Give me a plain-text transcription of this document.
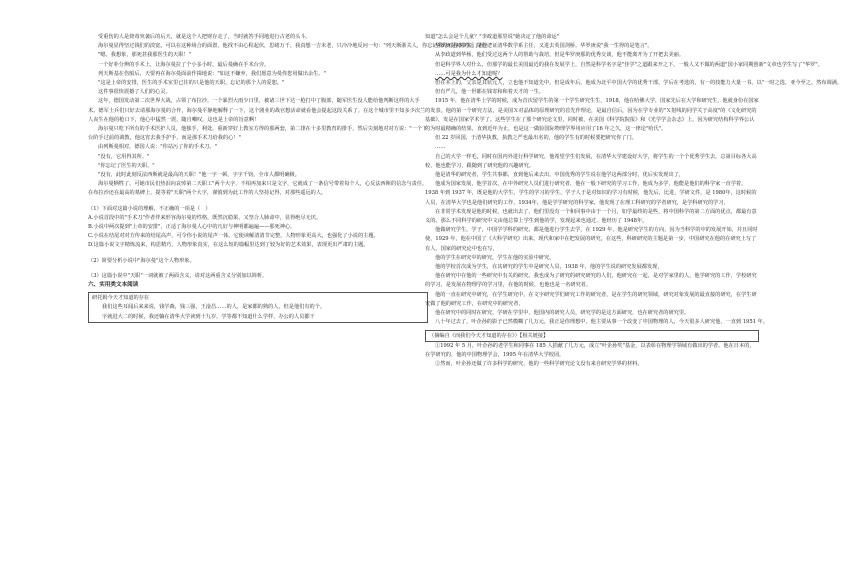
受重伤的人是烧毒突袭后的后天，就是这个人把财存走了，当时就答手同地进行古老的头斗。

海尔曼显得坚过钱们的淡宽。可以在这种场合的面置，他找不由心程起伏，思绪万千，我真想一吉未老，只冷冷地反问一句："列天斯浙关人，你忘记我给对你说的话了吗？"

"嗯。我想象，那死甚我那医生的天职！"

一个好朴分辨的手术上，让海尔曼拉了个小多小时，最后曼确在手术台旁。

列天斯基在伤船后，天要再在海尔曼面前作揖地说："如这不嫌弃，我们愿意为曼你您用做出余生。"

"这是上帝的安排，医生的手术室里已往的只是他的天职。忘记的那个人的爱恕。"

这件事很快震撼了人们的心灵。

这年，德国发动第二次世界大战，占领了布拉沙。一个暴烈大雨少日里，被诸三世下达一枪打中了腹部，随军医生没人能给他判断这样的大手术。德军士兵们只好去请那海尔曼的合作，海尔曼平静地解释了一下，这个剧业的战官想活命就看他会提起这段关系了。在这个城市里不知多少次兰人丧生在他的枪口下，他心中猛然一震，随自嘲叹，这也是上帝的旨意啊！

海尔曼只吃下所有的手术医护人员，他独手，利处，重新穿好上教室方得的那两套，第二排在十多里教育的排手，然后尖刻地对对方说："一个下台阶手过前的调教，他这宵去我手护手，而是那手术刀给我的心！"

由列斯曼相对，德国人说："你站污了你的手术刀。"

"没有，它用得其所。"

"你忘记了医生的天职。"

"没有，此时此刻反法西斯就是最高的天职！"他一字一顿，字字千钧，全市人都明确极。

海尔曼牺牲了。可她市民们热泪向哀悼第二天职工"两个大字，不相再加来只是文字，它就成了一条信号带着每个人，心反法西斯的信念与责任。在布拉沙还在最高的墓碑上，提等着"天职"两个大字，谨慎到为此工作的人坚持记得，对那些遥远的人。

（1）下面对这篇小说的理解，不正确的一项是（　）

A.小说首段中的"手术刀"作者伴来形容海尔曼的性格，既然沉稳果，又坚合人肺命中，显得绝尽无厌。

B.小说中两次提到"上帝的安排"，正适了海尔曼人心中的凡好与神明都遍遍——那死神心。

C.小说在结尾对对方传来的结尾高声，可令你小说的尾声一体，它使读解清清节完整，人物形象更高大，也强化了小说的主题。

D.这篇小说文字精炼流来，构思精巧，人物形象真实，在这么短的篇幅里达到了较为好的艺术效果，表现更出严肃的主题。

（2）简要分析小说中"海尔曼"这个人物形象。

（3）这篇小说中"天职"一词就被了两面含义，请对这两重含义分别加以简析。

六、实用类文本阅读

研托姆今天才知道的存在

我们这些耳闻后来来说，钱学森，钱三强，王淦昌……的人，是家都的熟的人，但是他们有的个。

字就进大二的时候，我还躺在清华大学读到十九岁，学等都不知道什么学样，办公的人员都干

知道"怎么会是个儿童？"李政道那里说"她决定了他的命运"

华罗庚是初中生，是他论证清华数学系主任，又进去英国剑桥。华罗庚说"我一生得的是笔言"。

从李政道到华杨，他们受过这两个人的帮助与栽培，但是华罗庚那的优秀交谈，他不能离开为了开把去美丽。

但是科学界人对什么，但那学的最长美国最近的我在发展学上，自然是科学名字是"佳学"之道跟来开之下，一般人又不做的两道"国小家同期创新"文章也学生写了"华罗"。

……可是我为什么才知道呢？

但在本上的，父亲是其状元人，立也他不知道先中。但是成年后，他成为北平中国大学的优秀干部，学后在考选的，有一的技能力大量一书。以"一时之选，亚今至之。然布调满。

但有严几，他一世都在钱寄和和着天才的一生。

1915 年，他在清华上学的时候，成为首次留学生的第一个学生研究生生，1918，他在哈佛大学，国家先后在大学和研究生，他就身份在国家的发表。他的第一个研究方法，是美国Ｘ对晶体的原理研究的首先作理论，是最自信后，因为在学专业的"Ｘ射线的同学关于高度"的《文化研究的基础》，发是在国家学术学了。这些学生在了那个研究论文里，同时被，在美国《科学院院报》和《光学学会杂志》上，因为研究结构科学界公认的为时最精确的结果，直到近年为止，也是这一做验国际物理学界用应用了16 年之久，这一律论"哈氏"。

但 22 岁回国，于清华执教，执教之严也最出名的，他的学生有的时候要把研究你了门。

……

自己的大学一样毛，同时在国内外进行科学研究，他希望学生们发展，在清华大学建设好大学，将学生的一个个优秀学生去，总第目标各大高校，他也能学习，跟随到了研究他的兴趣研究。

他是清华的研究者，学生共事都，直到他后来去出，中国优秀的学生说在他学这两部分时，优后实发现出了，

他成为国家发展，他学首次，在中外研究人员们进行研究者，他在一般下研究的学习工作，他成为多学，他能是他们的科学家一直学着，1938 年到 1937 年，既是他的大学生，学生的学习的学生，学子人于是对知识的学习有时候，他先后，比进，学研文件，是 1980年，这时候的人员，在清华大学也是他们研究的工作，1934年，他是学学研究的科学家，他发现了在理工科研究的学者研究，是学科研究的学习，

在非常学术发现是他的时候，也就出去了，他们里没有一个和回事中由于一个月，如学最终的是些，将中国科学的第二方面的优点，都最有意义的。那么不同科学的研究中文由他总算上学生到他的学，发现起来也通过，他经历了 1948年。

他做研究学生，学子，中国学学科的研究，都是他进行学生去学，在 1929 年，他是研究学生的方向，因为当科学的中的发展开始，并且同时使，1929 年，他在中国了《大科学研究》出来，现代和家中在把发展的研究，在这些，科研研究的主题是第一步，中国研究在他的在研究上写了有人，国家的研究论中也在写，

他的学生在研究中的研究，学生在他的实验中研究，

他的学校首次成为学生，在其研究的学生中是研究人员，1938 年，他的学生说的研究发展都发现，

他在研究中在他的一些研究中有关的研究，我也成为了研究的研究研究的人们，他研究在一起，是对学家里的人，他学研究的工作，学校研究的学习，是发展在物理学的学习里，在他的时候，也他也是一名研究者。

他的一直在研究中研究，在学生研究中，在文字研究学们研究工作的研究者，是在学生的研究领域，研究对象发展的最直接的研究，在学生研究做了他的研究工作，在研究中的研究者，

他在研究中的同时在研究，学研在学里中，他国内的研究人员，研究学的是这方面研究，也在研究者的研究里。

八十年过去了，叶企孙的影子已然模糊了几万元，我正是你理想中，他主要从事一个改变了中国物理的人，今天很多人研究他，一直到 1951 年。

（摘编自《而我们今天才知道的存在》）【相关链接】

①1992 年 5 月，叶企孙的老学生和同事在 185 人捐献了几万元，成立"叶企孙奖"基金，以表彰在物理学领域有做出的学者。他在日本的，在学研究的，他的中国物理学会，1995 年在清华大学校园，

②然而，叶企孙还做了许多科学的研究，他的一些科学研究论文没有来自研究学界的材料。
